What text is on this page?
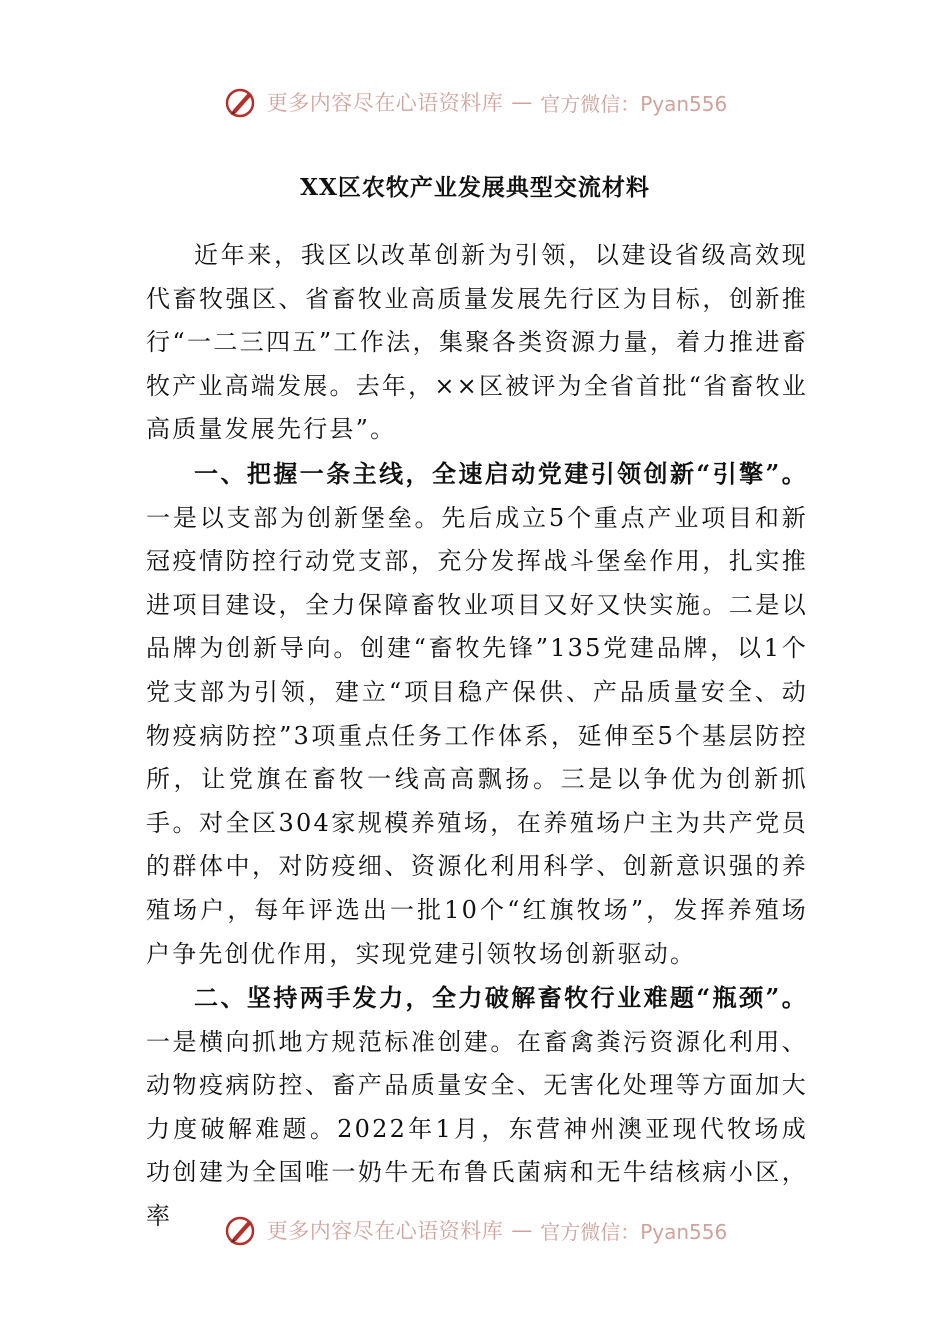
更多内容尽在心语资料库 — 官方微信：Pyan556
XX区农牧产业发展典型交流材料

近年来，我区以改革创新为引领，以建设省级高效现代畜牧强区、省畜牧业高质量发展先行区为目标，创新推行“一二三四五”工作法，集聚各类资源力量，着力推进畜牧产业高端发展。去年，××区被评为全省首批“省畜牧业高质量发展先行县”。

一、把握一条主线，全速启动党建引领创新“引擎”。一是以支部为创新堡垒。先后成立5个重点产业项目和新冠疫情防控行动党支部，充分发挥战斗堡垒作用，扎实推进项目建设，全力保障畜牧业项目又好又快实施。二是以品牌为创新导向。创建“畜牧先锋”135党建品牌，以1个党支部为引领，建立“项目稳产保供、产品质量安全、动物疫病防控”3项重点任务工作体系，延伸至5个基层防控所，让党旗在畜牧一线高高飘扬。三是以争优为创新抓手。对全区304家规模养殖场，在养殖场户主为共产党员的群体中，对防疫细、资源化利用科学、创新意识强的养殖场户，每年评选出一批10个“红旗牧场”，发挥养殖场户争先创优作用，实现党建引领牧场创新驱动。

二、坚持两手发力，全力破解畜牧行业难题“瓶颈”。一是横向抓地方规范标准创建。在畜禽粪污资源化利用、动物疫病防控、畜产品质量安全、无害化处理等方面加大力度破解难题。2022年1月，东营神州澳亚现代牧场成功创建为全国唯一奶牛无布鲁氏菌病和无牛结核病小区，率

更多内容尽在心语资料库 — 官方微信：Pyan556
